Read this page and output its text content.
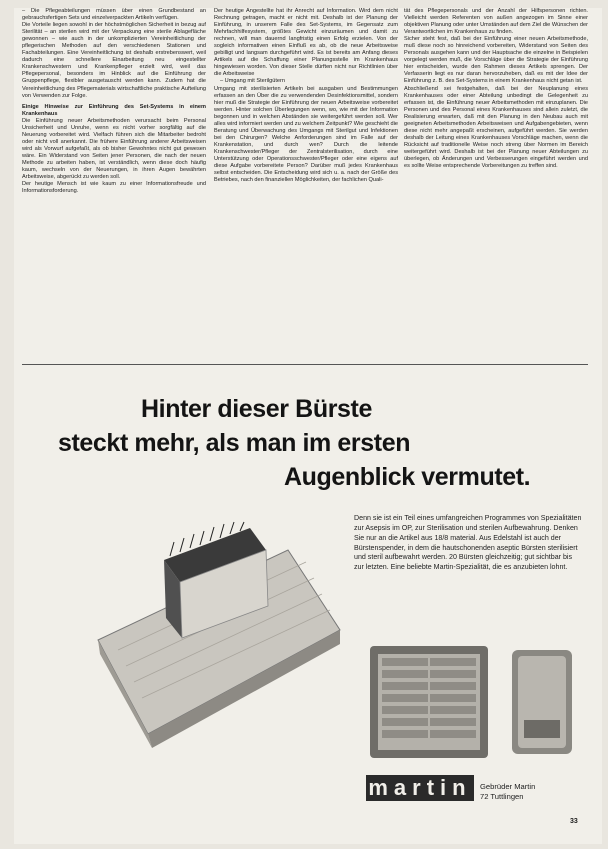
– Die Pflegeabteilungen müssen über einen Grundbestand an gebrauchsfertigen Sets und einzelverpackten Artikeln verfügen.

Die Vorteile liegen sowohl in der höchstmöglichen Sicherheit in bezug auf Sterilität – an sterilen wird mit der Verpackung eine sterile Ablagefläche gewonnen – wie auch in der unkomplizierten Vereinheitlichung der pflegerischen Methoden auf den verschiedenen Stationen und Fachabteilungen. Eine Vereinheitlichung ist deshalb erstrebenswert, weil dadurch eine schnellere Einarbeitung neu eingestellter Krankenschwestern und Krankenpfleger erzielt wird, weil das Pflegepersonal, besonders im Hinblick auf die Einführung der Gruppenpflege, flexibler ausgetauscht werden kann. Zudem hat die Vereinheitlichung des Pflegematerials wirtschaftliche praktische Aufteilung von Verwenden zur Folge.

Einige Hinweise zur Einführung des Set-Systems in einem Krankenhaus

Die Einführung neuer Arbeitsmethoden verursacht beim Personal Unsicherheit und Unruhe, wenn es nicht vorher sorgfältig auf die Neuerung vorbereitet wird. Vielfach führen sich die Mitarbeiter bedroht oder nicht voll anerkannt. Die frühere Einführung anderer Arbeitsweisen wird als Vorwurf aufgefaßt, als ob bisher Gewohntes nicht gut gewesen wäre. Ein Widerstand von Seiten jener Personen, die nach der neuen Methode zu arbeiten haben, ist verständlich, wenn diese doch häufig kaum, wechseln von der Neuerungen, in ihren Augen bewährten Arbeitsweise, abgerückt zu werden soll.

Der heutige Mensch ist wie kaum zu einer Informationsfreude und Informationsforderung.

Der heutige Angestellte hat ihr Anrecht auf Information. Wird dem nicht Rechnung getragen, macht er nicht mit. Deshalb ist der Planung der Einführung, in unserem Falle des Set-Systems, im Gegensatz zum Mehrfachhilfesystem, größtes Gewicht einzuräumen und damit zu rechnen, will man dauernd langfristig einen Erfolg erzielen. Von der sogleich informativen einen Einfluß es ab, ob die neue Arbeitsweise gebilligt und langsam durchgeführt wird. Es ist bereits am Anfang dieses Artikels auf die Schaffung einer Planungsstelle im Krankenhaus hingewiesen worden. Von dieser Stelle dürften nicht nur Richtlinien über die Arbeitsweise

– Umgang mit Sterilgütern

Umgang mit sterilisierten Artikeln bei ausgaben und Bestimmungen erfassen an den Über die zu verwendenden Desinfektionsmittel, sondern hier muß die Strategie der Einführung der neuen Arbeitsweise vorbereitet werden. Hinter solchen Überlegungen wenn, wo, wie mit der Information begonnen und in welchen Abständen sie weitergeführt werden soll. Wer alles wird informiert werden und zu welchem Zeitpunkt? Wie geschieht die Beratung und Überwachung des Umgangs mit Sterilgut und Infektionen bei den Chirurgen? Welche Anforderungen sind im Falle auf der Krankenstation, und durch wen? Durch die leitende Krankenschwester/Pfleger der Zentralsterilisation, durch eine Unterstützung oder Operationsschwester/Pfleger oder eine eigens auf diese Aufgabe vorbereitete Person? Darüber muß jedes Krankenhaus selbst entscheiden. Die Entscheidung wird sich u. a. nach der Größe des Betriebes, nach den finanziellen Möglichkeiten, der fachlichen Quali-

tät des Pflegepersonals und der Anzahl der Hilfspersonen richten. Vielleicht werden Referenten von außen angezogen im Sinne einer objektiven Planung oder unter Umständen auf dem Ziel die Wünschen der Verantwortlichen im Krankenhaus zu finden.

Sicher steht fest, daß bei der Einführung einer neuen Arbeitsmethode, muß diese noch so hinreichend vorbereiten, Widerstand von Seiten des Personals ausgehen kann und der Hauptsache die einzelne in Beispielen vorgelegt werden muß, die Vorschläge über die Strategie der Einführung hier entscheiden, wurde den Rahmen dieses Artikels sprengen. Der Verfasserin liegt es nur daran hervorzuheben, daß es mit der Idee der Einführung z. B. des Set-Systems in einem Krankenhaus nicht getan ist.

Abschließend sei festgehalten, daß bei der Neuplanung eines Krankenhauses oder einer Abteilung unbedingt die Gelegenheit zu erfassen ist, die Einführung neuer Arbeitsmethoden mit einzuplanen. Die Personen und des Personal eines Krankenhauses sind allein zuletzt, die Realisierung erwarten, daß mit den Planung in den Neubau auch mit geeigneten Arbeitsmethoden Arbeitsweisen und Aufgabengebieten, wenn diese nicht mehr angepaßt erscheinen, aufgeführt werden. Sie werden deshalb der Leitung eines Krankenhauses Vorschläge machen, wenn die Rücksicht auf traditionelle Weise noch streng über Normen im Bereich weitergeführt wird. Deshalb ist bei der Planung neuer Abteilungen zu überlegen, ob Änderungen und Verbesserungen eingeführt werden und es sollte Weise entsprechende Vorbereitungen zu treffen sind.

Hinter dieser Bürste
steckt mehr, als man im ersten
Augenblick vermutet.

Denn sie ist ein Teil eines umfangreichen Programmes von Spezialitäten zur Asepsis im OP, zur Sterilisation und sterilen Aufbewahrung. Denken Sie nur an die Artikel aus 18/8 material. Aus Edelstahl ist auch der Bürstenspender, in dem die hautschonenden aseptic Bürsten sterilisiert und steril aufbewahrt werden. 20 Bürsten gleichzeitig; gut sichtbar bis zur letzten. Eine beliebte Martin-Spezialität, die es anzubieten lohnt.

martin	Gebrüder Martin
72 Tuttlingen
33
